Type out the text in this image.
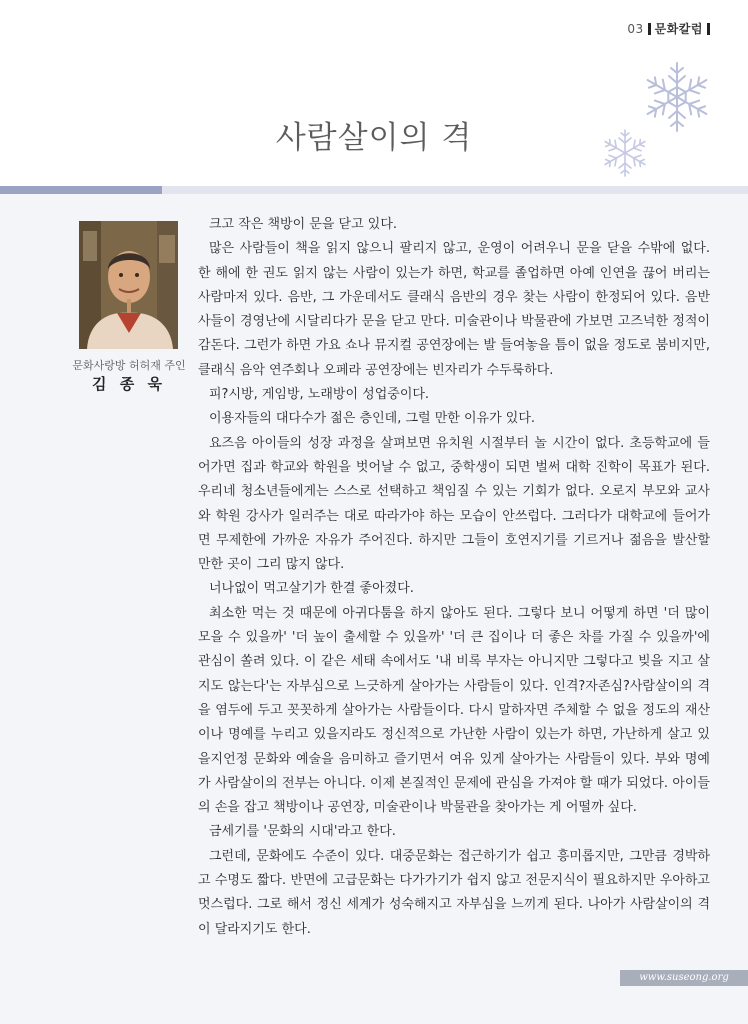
03 문화칼럼
사람살이의 격
문화사랑방 허허재 주인
김 종 욱

크고 작은 책방이 문을 닫고 있다.

많은 사람들이 책을 읽지 않으니 팔리지 않고, 운영이 어려우니 문을 닫을 수밖에 없다. 한 해에 한 권도 읽지 않는 사람이 있는가 하면, 학교를 졸업하면 아예 인연을 끊어 버리는 사람마저 있다. 음반, 그 가운데서도 클래식 음반의 경우 찾는 사람이 한정되어 있다. 음반사들이 경영난에 시달리다가 문을 닫고 만다. 미술관이나 박물관에 가보면 고즈넉한 정적이 감돈다. 그런가 하면 가요 쇼나 뮤지컬 공연장에는 발 들여놓을 틈이 없을 정도로 붐비지만, 클래식 음악 연주회나 오페라 공연장에는 빈자리가 수두룩하다.

피?시방, 게임방, 노래방이 성업중이다.

이용자들의 대다수가 젊은 층인데, 그럴 만한 이유가 있다.

요즈음 아이들의 성장 과정을 살펴보면 유치원 시절부터 놀 시간이 없다. 초등학교에 들어가면 집과 학교와 학원을 벗어날 수 없고, 중학생이 되면 벌써 대학 진학이 목표가 된다. 우리네 청소년들에게는 스스로 선택하고 책임질 수 있는 기회가 없다. 오로지 부모와 교사와 학원 강사가 일러주는 대로 따라가야 하는 모습이 안쓰럽다. 그러다가 대학교에 들어가면 무제한에 가까운 자유가 주어진다. 하지만 그들이 호연지기를 기르거나 젊음을 발산할 만한 곳이 그리 많지 않다.

너나없이 먹고살기가 한결 좋아졌다.

최소한 먹는 것 때문에 아귀다툼을 하지 않아도 된다. 그렇다 보니 어떻게 하면 '더 많이 모을 수 있을까' '더 높이 출세할 수 있을까' '더 큰 집이나 더 좋은 차를 가질 수 있을까'에 관심이 쏠려 있다. 이 같은 세태 속에서도 '내 비록 부자는 아니지만 그렇다고 빚을 지고 살지도 않는다'는 자부심으로 느긋하게 살아가는 사람들이 있다. 인격?자존심?사람살이의 격을 염두에 두고 꼿꼿하게 살아가는 사람들이다. 다시 말하자면 주체할 수 없을 정도의 재산이나 명예를 누리고 있을지라도 정신적으로 가난한 사람이 있는가 하면, 가난하게 살고 있을지언정 문화와 예술을 음미하고 즐기면서 여유 있게 살아가는 사람들이 있다. 부와 명예가 사람살이의 전부는 아니다. 이제 본질적인 문제에 관심을 가져야 할 때가 되었다. 아이들의 손을 잡고 책방이나 공연장, 미술관이나 박물관을 찾아가는 게 어떨까 싶다.

금세기를 '문화의 시대'라고 한다.

그런데, 문화에도 수준이 있다. 대중문화는 접근하기가 쉽고 흥미롭지만, 그만큼 경박하고 수명도 짧다. 반면에 고급문화는 다가가기가 쉽지 않고 전문지식이 필요하지만 우아하고 멋스럽다. 그로 해서 정신 세계가 성숙해지고 자부심을 느끼게 된다. 나아가 사람살이의 격이 달라지기도 한다.

www.suseong.org
